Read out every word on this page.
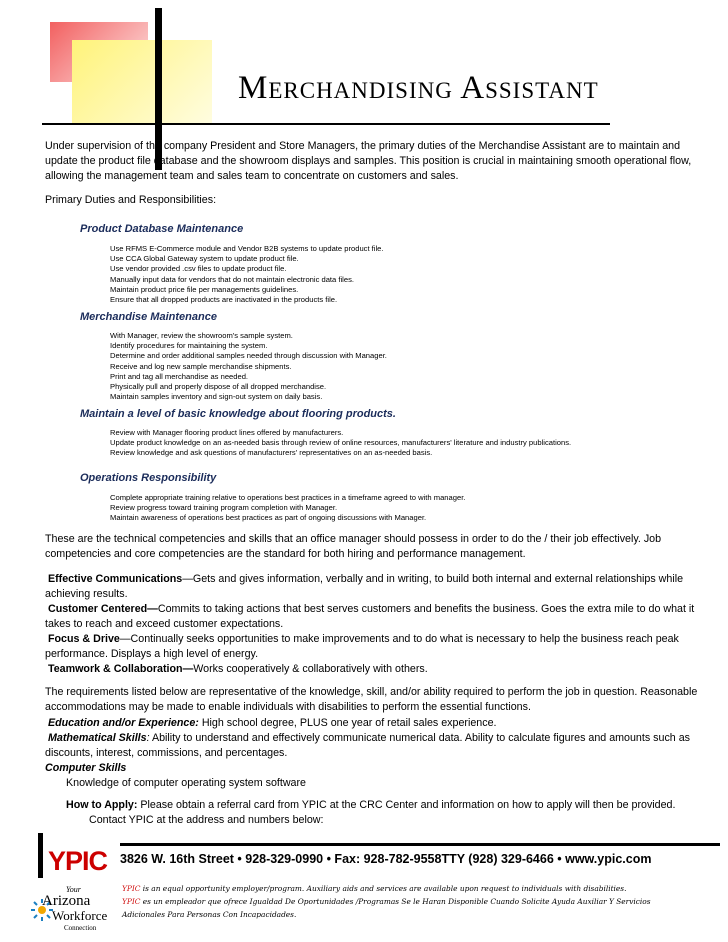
Merchandising Assistant
Under supervision of the company President and Store Managers, the primary duties of the Merchandise Assistant are to maintain and update the product file database and the showroom displays and samples. This position is crucial in maintaining smooth operational flow, allowing the management team and sales team to concentrate on customers and sales.
Primary Duties and Responsibilities:
Product Database Maintenance
Use RFMS E-Commerce module and Vendor B2B systems to update product file.
Use CCA Global Gateway system to update product file.
Use vendor provided .csv files to update product file.
Manually input data for vendors that do not maintain electronic data files.
Maintain product price file per managements guidelines.
Ensure that all dropped products are inactivated in the products file.
Merchandise Maintenance
With Manager, review the showroom's sample system.
Identify procedures for maintaining the system.
Determine and order additional samples needed through discussion with Manager.
Receive and log new sample merchandise shipments.
Print and tag all merchandise as needed.
Physically pull and properly dispose of all dropped merchandise.
Maintain samples inventory and sign-out system on daily basis.
Maintain a level of basic knowledge about flooring products.
Review with Manager flooring product lines offered by manufacturers.
Update product knowledge on an as-needed basis through review of online resources, manufacturers' literature and industry publications.
Review knowledge and ask questions of manufacturers' representatives on an as-needed basis.
Operations Responsibility
Complete appropriate training relative to operations best practices in a timeframe agreed to with manager.
Review progress toward training program completion with Manager.
Maintain awareness of operations best practices as part of ongoing discussions with Manager.
These are the technical competencies and skills that an office manager should possess in order to do the / their job effectively. Job competencies and core competencies are the standard for both hiring and performance management.
Effective Communications—Gets and gives information, verbally and in writing, to build both internal and external relationships while achieving results.
Customer Centered—Commits to taking actions that best serves customers and benefits the business. Goes the extra mile to do what it takes to reach and exceed customer expectations.
Focus & Drive—Continually seeks opportunities to make improvements and to do what is necessary to help the business reach peak performance. Displays a high level of energy.
Teamwork & Collaboration—Works cooperatively & collaboratively with others.
The requirements listed below are representative of the knowledge, skill, and/or ability required to perform the job in question. Reasonable accommodations may be made to enable individuals with disabilities to perform the essential functions.
Education and/or Experience: High school degree, PLUS one year of retail sales experience.
Mathematical Skills: Ability to understand and effectively communicate numerical data. Ability to calculate figures and amounts such as discounts, interest, commissions, and percentages.
Computer Skills
Knowledge of computer operating system software
How to Apply: Please obtain a referral card from YPIC at the CRC Center and information on how to apply will then be provided.
Contact YPIC at the address and numbers below:
YPIC 3826 W. 16th Street • 928-329-0990 • Fax: 928-782-9558TTY (928) 329-6466 • www.ypic.com
YPIC is an equal opportunity employer/program. Auxiliary aids and services are available upon request to individuals with disabilities.
YPIC es un empleador que ofrece Igualdad De Oportunidades /Programas Se le Haran Disponible Cuando Solicite Ayuda Auxiliar Y Servicios
Adicionales Para Personas Con Incapacidades.
Your
Arizona
Workforce
Connection
